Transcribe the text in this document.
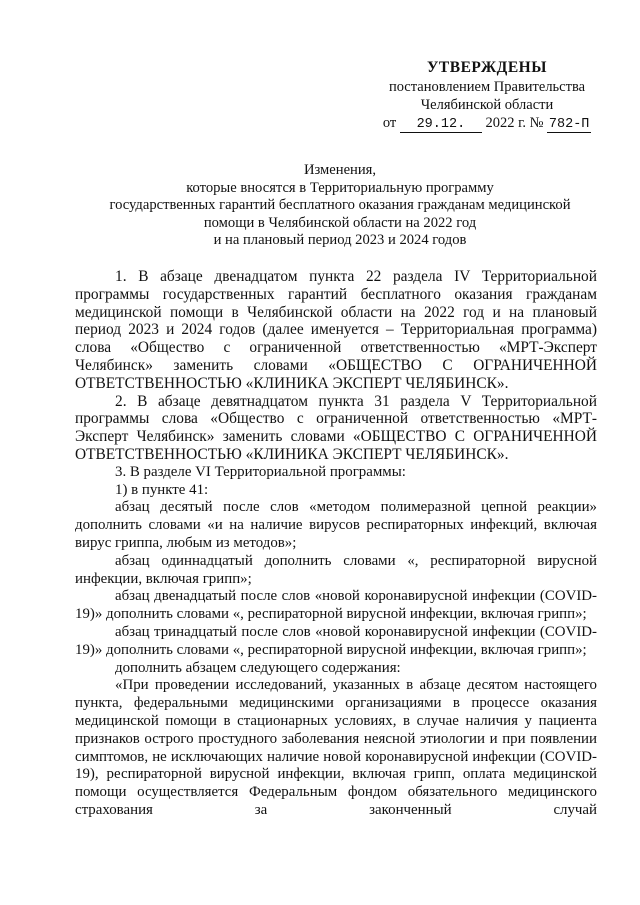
УТВЕРЖДЕНЫ
постановлением Правительства
Челябинской области
от 29.12. 2022 г. № 782-П
Изменения,
которые вносятся в Территориальную программу
государственных гарантий бесплатного оказания гражданам медицинской
помощи в Челябинской области на 2022 год
и на плановый период 2023 и 2024 годов
1. В абзаце двенадцатом пункта 22 раздела IV Территориальной программы государственных гарантий бесплатного оказания гражданам медицинской помощи в Челябинской области на 2022 год и на плановый период 2023 и 2024 годов (далее именуется – Территориальная программа) слова «Общество с ограниченной ответственностью «МРТ-Эксперт Челябинск» заменить словами «ОБЩЕСТВО С ОГРАНИЧЕННОЙ ОТВЕТСТВЕННОСТЬЮ «КЛИНИКА ЭКСПЕРТ ЧЕЛЯБИНСК».
2. В абзаце девятнадцатом пункта 31 раздела V Территориальной программы слова «Общество с ограниченной ответственностью «МРТ-Эксперт Челябинск» заменить словами «ОБЩЕСТВО С ОГРАНИЧЕННОЙ ОТВЕТСТВЕННОСТЬЮ «КЛИНИКА ЭКСПЕРТ ЧЕЛЯБИНСК».
3. В разделе VI Территориальной программы:
1) в пункте 41:
абзац десятый после слов «методом полимеразной цепной реакции» дополнить словами «и на наличие вирусов респираторных инфекций, включая вирус гриппа, любым из методов»;
абзац одиннадцатый дополнить словами «, респираторной вирусной инфекции, включая грипп»;
абзац двенадцатый после слов «новой коронавирусной инфекции (COVID-19)» дополнить словами «, респираторной вирусной инфекции, включая грипп»;
абзац тринадцатый после слов «новой коронавирусной инфекции (COVID-19)» дополнить словами «, респираторной вирусной инфекции, включая грипп»;
дополнить абзацем следующего содержания:
«При проведении исследований, указанных в абзаце десятом настоящего пункта, федеральными медицинскими организациями в процессе оказания медицинской помощи в стационарных условиях, в случае наличия у пациента признаков острого простудного заболевания неясной этиологии и при появлении симптомов, не исключающих наличие новой коронавирусной инфекции (COVID-19), респираторной вирусной инфекции, включая грипп, оплата медицинской помощи осуществляется Федеральным фондом обязательного медицинского страхования за законченный случай
